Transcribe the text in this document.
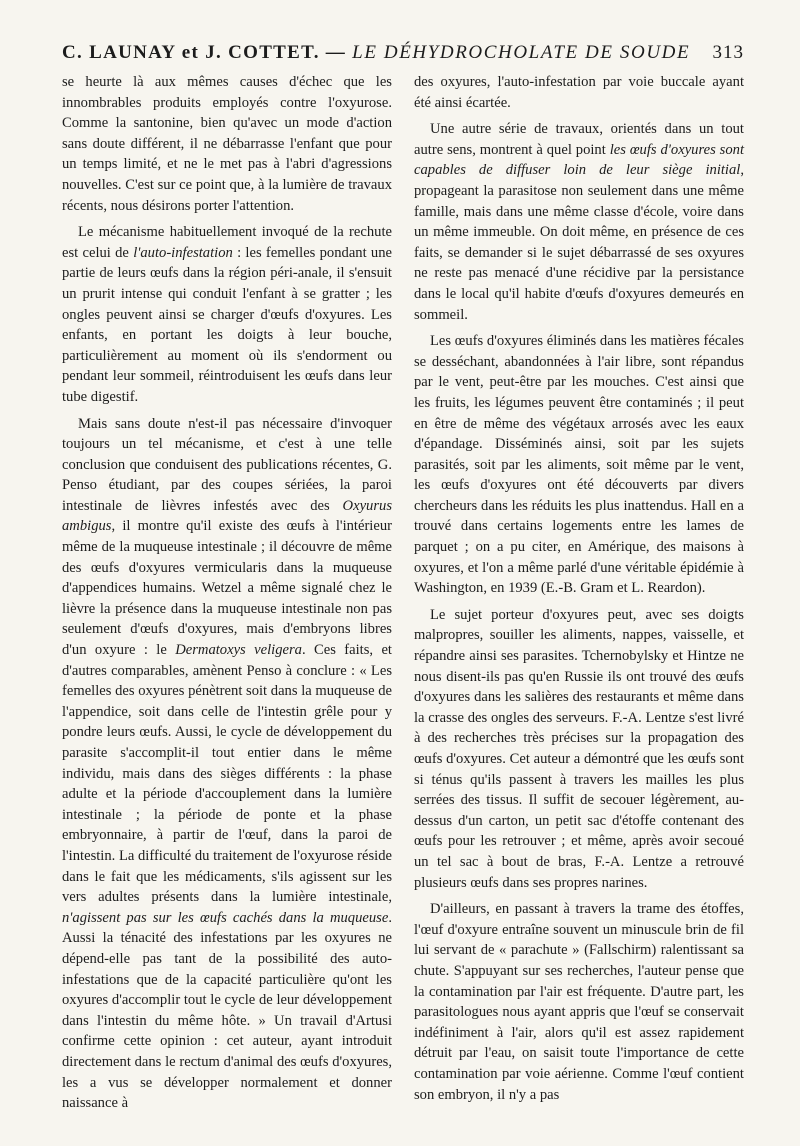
C. LAUNAY et J. COTTET. — LE DÉHYDROCHOLATE DE SOUDE 313

se heurte là aux mêmes causes d'échec que les innombrables produits employés contre l'oxyurose. Comme la santonine, bien qu'avec un mode d'action sans doute différent, il ne débarrasse l'enfant que pour un temps limité, et ne le met pas à l'abri d'agressions nouvelles. C'est sur ce point que, à la lumière de travaux récents, nous désirons porter l'attention.

Le mécanisme habituellement invoqué de la rechute est celui de l'auto-infestation : les femelles pondant une partie de leurs œufs dans la région péri-anale, il s'ensuit un prurit intense qui conduit l'enfant à se gratter ; les ongles peuvent ainsi se charger d'œufs d'oxyures. Les enfants, en portant les doigts à leur bouche, particulièrement au moment où ils s'endorment ou pendant leur sommeil, réintroduisent les œufs dans leur tube digestif.

Mais sans doute n'est-il pas nécessaire d'invoquer toujours un tel mécanisme, et c'est à une telle conclusion que conduisent des publications récentes, G. Penso étudiant, par des coupes sériées, la paroi intestinale de lièvres infestés avec des Oxyurus ambigus, il montre qu'il existe des œufs à l'intérieur même de la muqueuse intestinale ; il découvre de même des œufs d'oxyures vermicularis dans la muqueuse d'appendices humains. Wetzel a même signalé chez le lièvre la présence dans la muqueuse intestinale non pas seulement d'œufs d'oxyures, mais d'embryons libres d'un oxyure : le Dermatoxys veligera. Ces faits, et d'autres comparables, amènent Penso à conclure : « Les femelles des oxyures pénètrent soit dans la muqueuse de l'appendice, soit dans celle de l'intestin grêle pour y pondre leurs œufs. Aussi, le cycle de développement du parasite s'accomplit-il tout entier dans le même individu, mais dans des sièges différents : la phase adulte et la période d'accouplement dans la lumière intestinale ; la période de ponte et la phase embryonnaire, à partir de l'œuf, dans la paroi de l'intestin. La difficulté du traitement de l'oxyurose réside dans le fait que les médicaments, s'ils agissent sur les vers adultes présents dans la lumière intestinale, n'agissent pas sur les œufs cachés dans la muqueuse. Aussi la ténacité des infestations par les oxyures ne dépend-elle pas tant de la possibilité des auto-infestations que de la capacité particulière qu'ont les oxyures d'accomplir tout le cycle de leur développement dans l'intestin du même hôte. » Un travail d'Artusi confirme cette opinion : cet auteur, ayant introduit directement dans le rectum d'animal des œufs d'oxyures, les a vus se développer normalement et donner naissance à

des oxyures, l'auto-infestation par voie buccale ayant été ainsi écartée.

Une autre série de travaux, orientés dans un tout autre sens, montrent à quel point les œufs d'oxyures sont capables de diffuser loin de leur siège initial, propageant la parasitose non seulement dans une même famille, mais dans une même classe d'école, voire dans un même immeuble. On doit même, en présence de ces faits, se demander si le sujet débarrassé de ses oxyures ne reste pas menacé d'une récidive par la persistance dans le local qu'il habite d'œufs d'oxyures demeurés en sommeil.

Les œufs d'oxyures éliminés dans les matières fécales se desséchant, abandonnées à l'air libre, sont répandus par le vent, peut-être par les mouches. C'est ainsi que les fruits, les légumes peuvent être contaminés ; il peut en être de même des végétaux arrosés avec les eaux d'épandage. Disséminés ainsi, soit par les sujets parasités, soit par les aliments, soit même par le vent, les œufs d'oxyures ont été découverts par divers chercheurs dans les réduits les plus inattendus. Hall en a trouvé dans certains logements entre les lames de parquet ; on a pu citer, en Amérique, des maisons à oxyures, et l'on a même parlé d'une véritable épidémie à Washington, en 1939 (E.-B. Gram et L. Reardon).

Le sujet porteur d'oxyures peut, avec ses doigts malpropres, souiller les aliments, nappes, vaisselle, et répandre ainsi ses parasites. Tchernobylsky et Hintze ne nous disent-ils pas qu'en Russie ils ont trouvé des œufs d'oxyures dans les salières des restaurants et même dans la crasse des ongles des serveurs. F.-A. Lentze s'est livré à des recherches très précises sur la propagation des œufs d'oxyures. Cet auteur a démontré que les œufs sont si ténus qu'ils passent à travers les mailles les plus serrées des tissus. Il suffit de secouer légèrement, au-dessus d'un carton, un petit sac d'étoffe contenant des œufs pour les retrouver ; et même, après avoir secoué un tel sac à bout de bras, F.-A. Lentze a retrouvé plusieurs œufs dans ses propres narines.

D'ailleurs, en passant à travers la trame des étoffes, l'œuf d'oxyure entraîne souvent un minuscule brin de fil lui servant de « parachute » (Fallschirm) ralentissant sa chute. S'appuyant sur ses recherches, l'auteur pense que la contamination par l'air est fréquente. D'autre part, les parasitologues nous ayant appris que l'œuf se conservait indéfiniment à l'air, alors qu'il est assez rapidement détruit par l'eau, on saisit toute l'importance de cette contamination par voie aérienne. Comme l'œuf contient son embryon, il n'y a pas
